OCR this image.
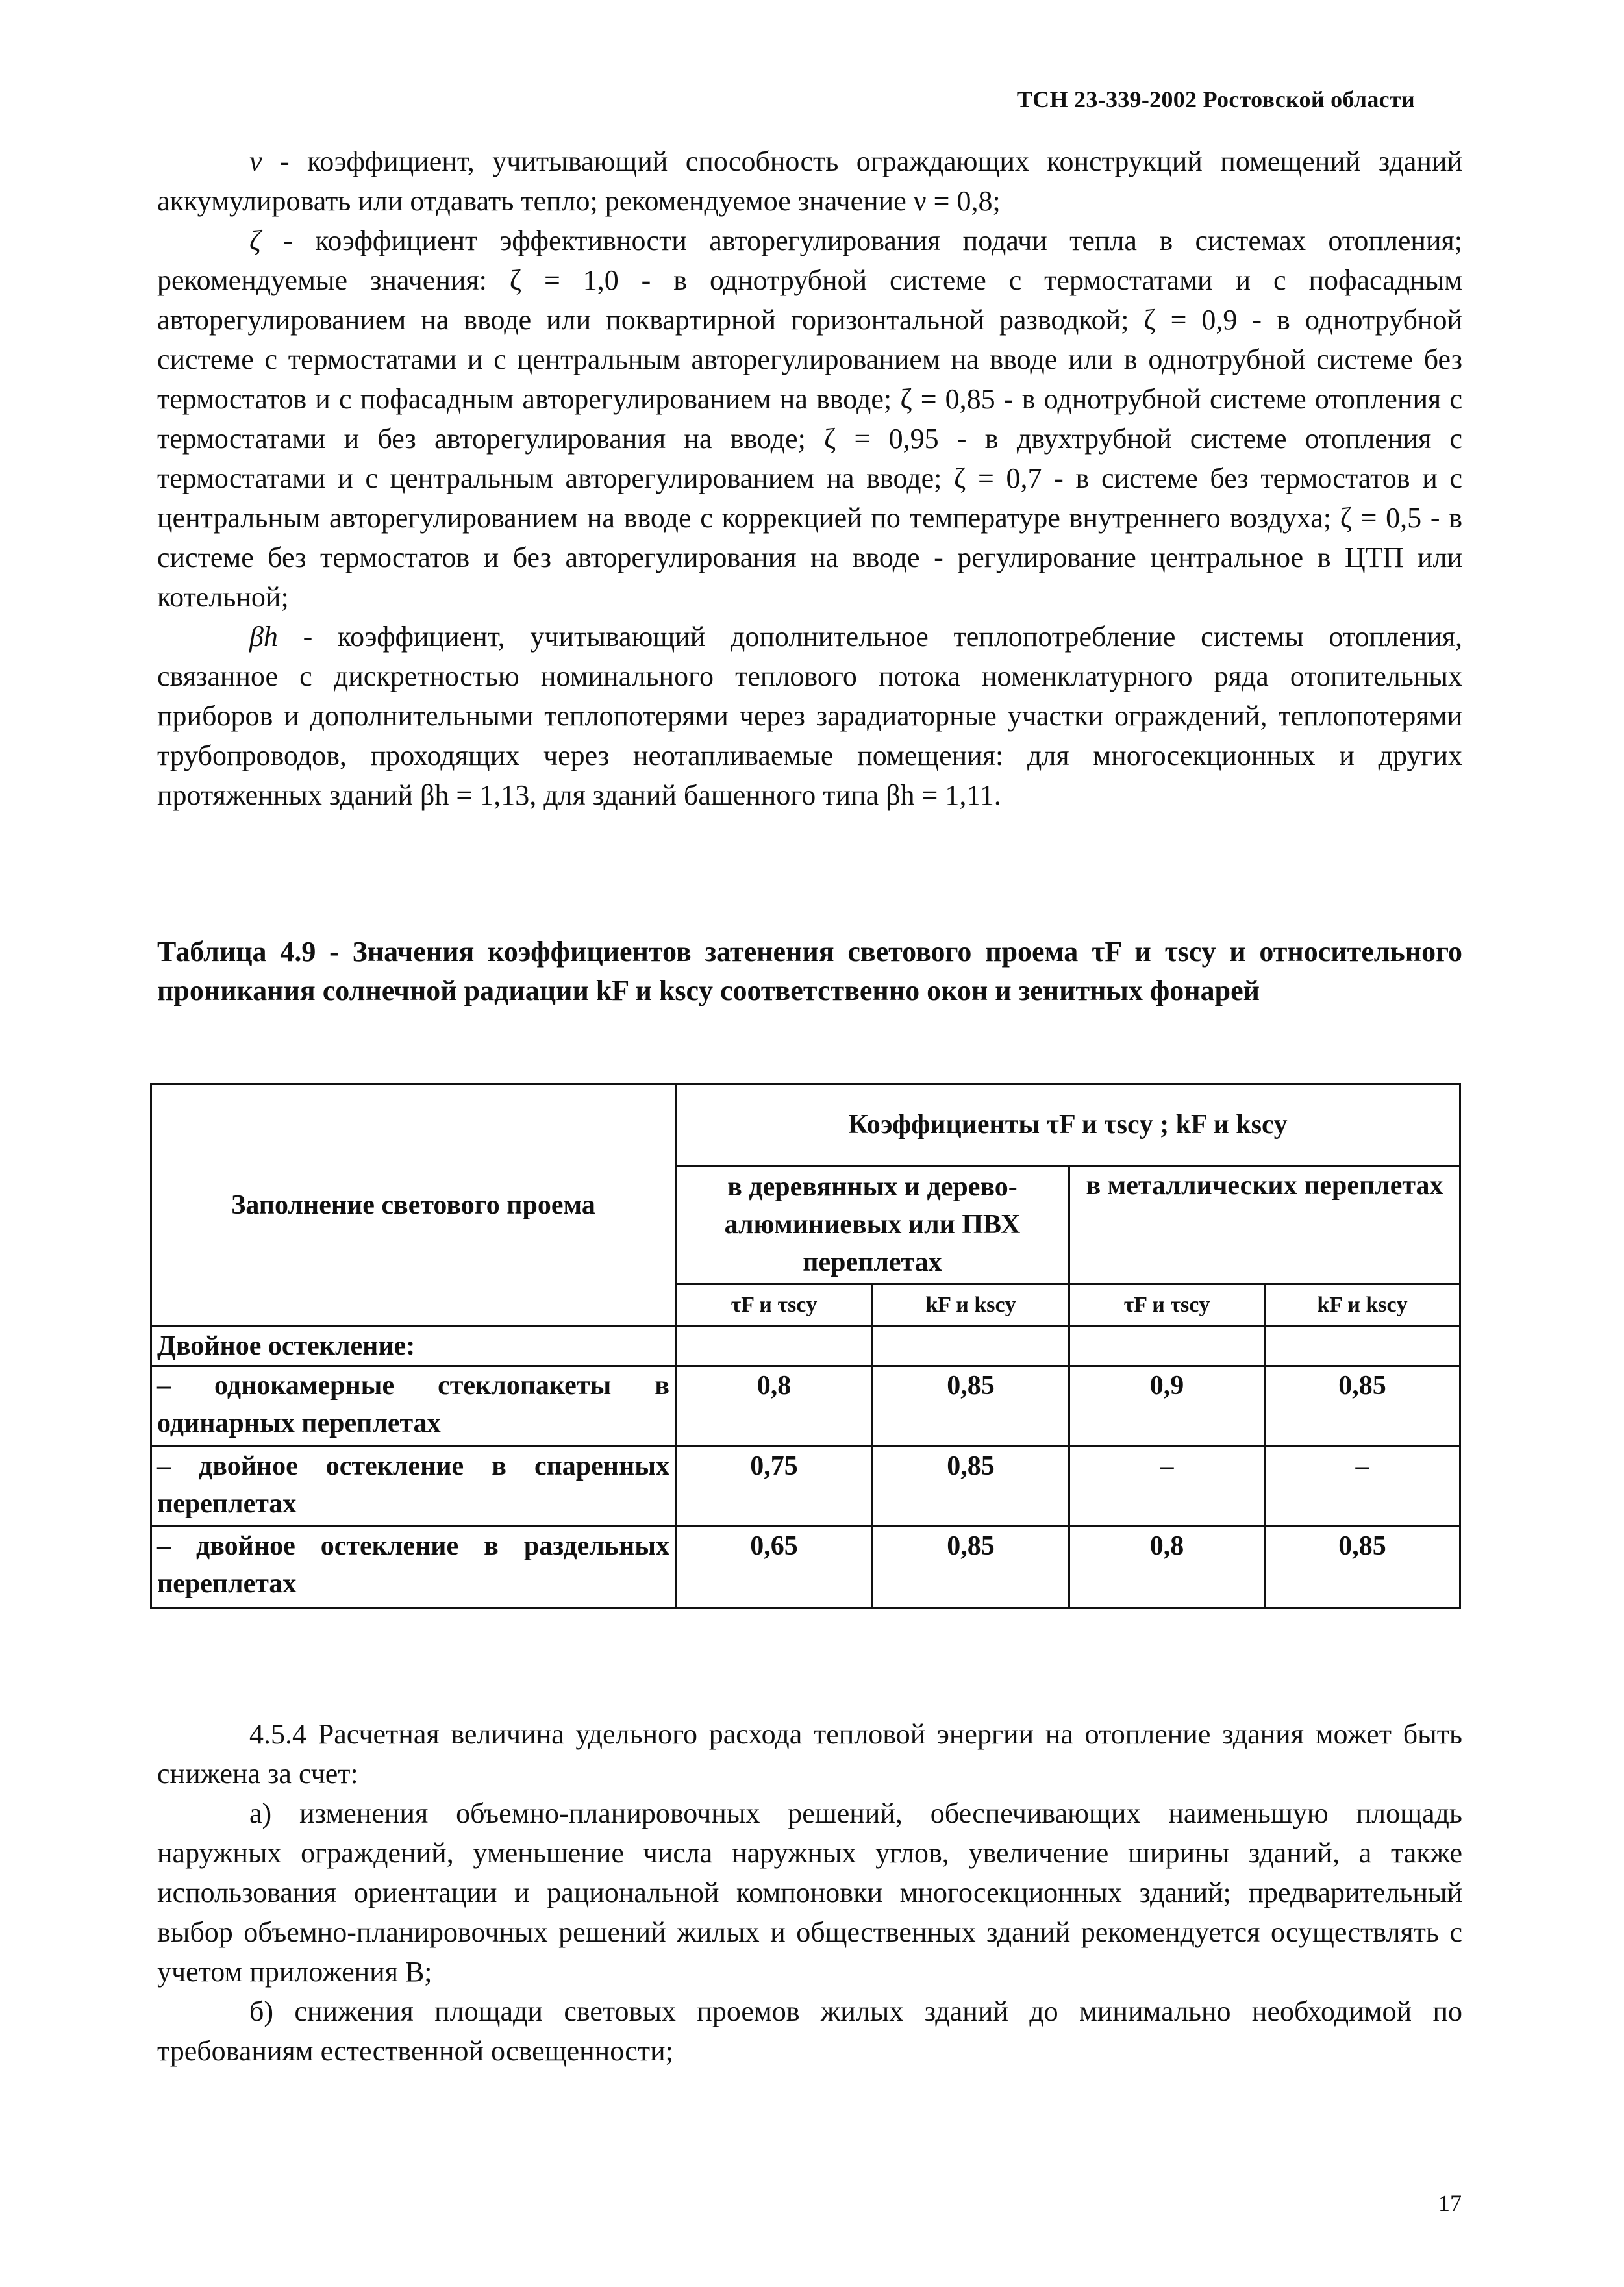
ТСН 23-339-2002 Ростовской области

ν - коэффициент, учитывающий способность ограждающих конструкций помещений зданий аккумулировать или отдавать тепло; рекомендуемое значение ν = 0,8;

ζ - коэффициент эффективности авторегулирования подачи тепла в системах отопления; рекомендуемые значения: ζ = 1,0 - в однотрубной системе с термостатами и с пофасадным авторегулированием на вводе или поквартирной горизонтальной разводкой; ζ = 0,9 - в однотрубной системе с термостатами и с центральным авторегулированием на вводе или в однотрубной системе без термостатов и с пофасадным авторегулированием на вводе; ζ = 0,85 - в однотрубной системе отопления с термостатами и без авторегулирования на вводе; ζ = 0,95 - в двухтрубной системе отопления с термостатами и с центральным авторегулированием на вводе; ζ = 0,7 - в системе без термостатов и с центральным авторегулированием на вводе с коррекцией по температуре внутреннего воздуха; ζ = 0,5 - в системе без термостатов и без авторегулирования на вводе - регулирование центральное в ЦТП или котельной;

βh - коэффициент, учитывающий дополнительное теплопотребление системы отопления, связанное с дискретностью номинального теплового потока номенклатурного ряда отопительных приборов и дополнительными теплопотерями через зарадиаторные участки ограждений, теплопотерями трубопроводов, проходящих через неотапливаемые помещения: для многосекционных и других протяженных зданий βh = 1,13, для зданий башенного типа βh = 1,11.

Таблица 4.9 - Значения коэффициентов затенения светового проема τF и τscy и относительного проникания солнечной радиации kF и kscy соответственно окон и зенитных фонарей
Заполнение светового проема	Коэффициенты τF и τscy ; kF и kscy			
	в деревянных и дерево-алюминиевых или ПВХ переплетах		в металлических переплетах	
	τF и τscy	kF и kscy	τF и τscy	kF и kscy
Двойное остекление:				
– однокамерные стеклопакеты в одинарных переплетах	0,8	0,85	0,9	0,85
– двойное остекление в спаренных переплетах	0,75	0,85	–	–
– двойное остекление в раздельных переплетах	0,65	0,85	0,8	0,85

4.5.4 Расчетная величина удельного расхода тепловой энергии на отопление здания может быть снижена за счет:

а) изменения объемно-планировочных решений, обеспечивающих наименьшую площадь наружных ограждений, уменьшение числа наружных углов, увеличение ширины зданий, а также использования ориентации и рациональной компоновки многосекционных зданий; предварительный выбор объемно-планировочных решений жилых и общественных зданий рекомендуется осуществлять с учетом приложения В;

б) снижения площади световых проемов жилых зданий до минимально необходимой по требованиям естественной освещенности;

17
